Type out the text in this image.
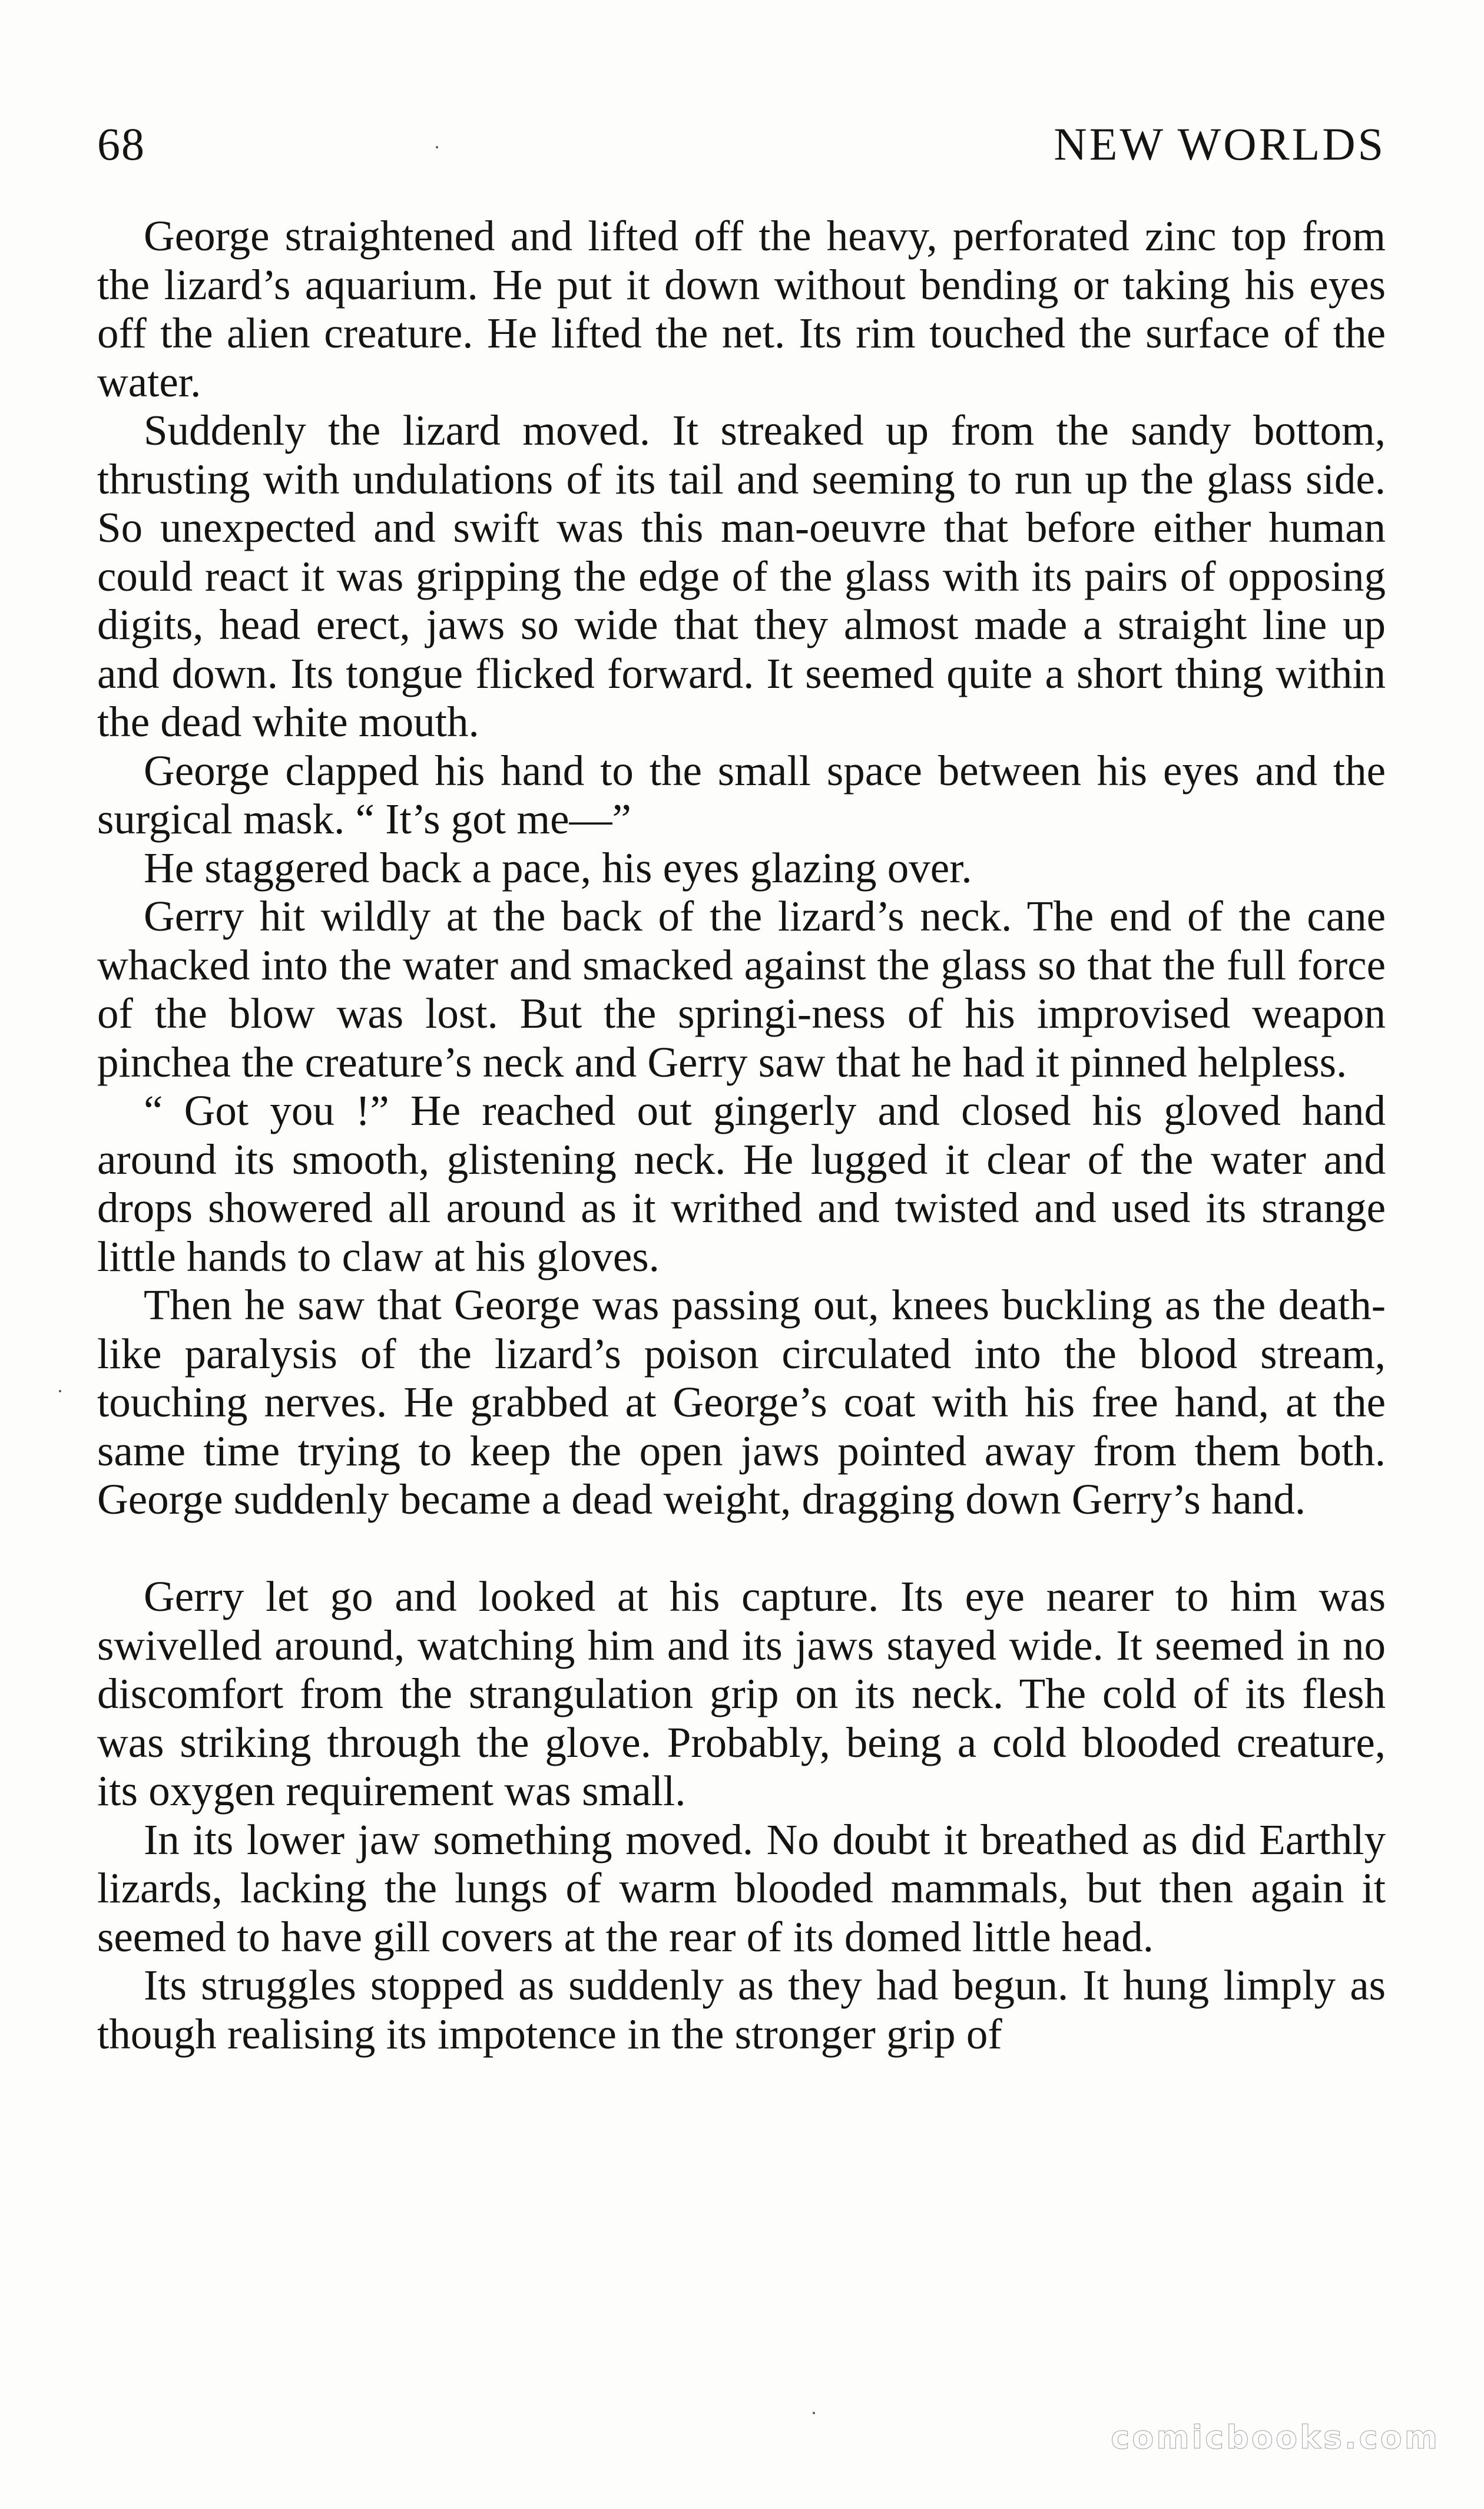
68	NEW WORLDS

George straightened and lifted off the heavy, perforated zinc top from the lizard’s aquarium. He put it down without bending or taking his eyes off the alien creature. He lifted the net. Its rim touched the surface of the water.

Suddenly the lizard moved. It streaked up from the sandy bottom, thrusting with undulations of its tail and seeming to run up the glass side. So unexpected and swift was this man-oeuvre that before either human could react it was gripping the edge of the glass with its pairs of opposing digits, head erect, jaws so wide that they almost made a straight line up and down. Its tongue flicked forward. It seemed quite a short thing within the dead white mouth.

George clapped his hand to the small space between his eyes and the surgical mask. “ It’s got me—”

He staggered back a pace, his eyes glazing over.

Gerry hit wildly at the back of the lizard’s neck. The end of the cane whacked into the water and smacked against the glass so that the full force of the blow was lost. But the springi-ness of his improvised weapon pinchea the creature’s neck and Gerry saw that he had it pinned helpless.

“ Got you !” He reached out gingerly and closed his gloved hand around its smooth, glistening neck. He lugged it clear of the water and drops showered all around as it writhed and twisted and used its strange little hands to claw at his gloves.

Then he saw that George was passing out, knees buckling as the death-like paralysis of the lizard’s poison circulated into the blood stream, touching nerves. He grabbed at George’s coat with his free hand, at the same time trying to keep the open jaws pointed away from them both. George suddenly became a dead weight, dragging down Gerry’s hand.

Gerry let go and looked at his capture. Its eye nearer to him was swivelled around, watching him and its jaws stayed wide. It seemed in no discomfort from the strangulation grip on its neck. The cold of its flesh was striking through the glove. Probably, being a cold blooded creature, its oxygen requirement was small.

In its lower jaw something moved. No doubt it breathed as did Earthly lizards, lacking the lungs of warm blooded mammals, but then again it seemed to have gill covers at the rear of its domed little head.

Its struggles stopped as suddenly as they had begun. It hung limply as though realising its impotence in the stronger grip of

comicbooks.com
